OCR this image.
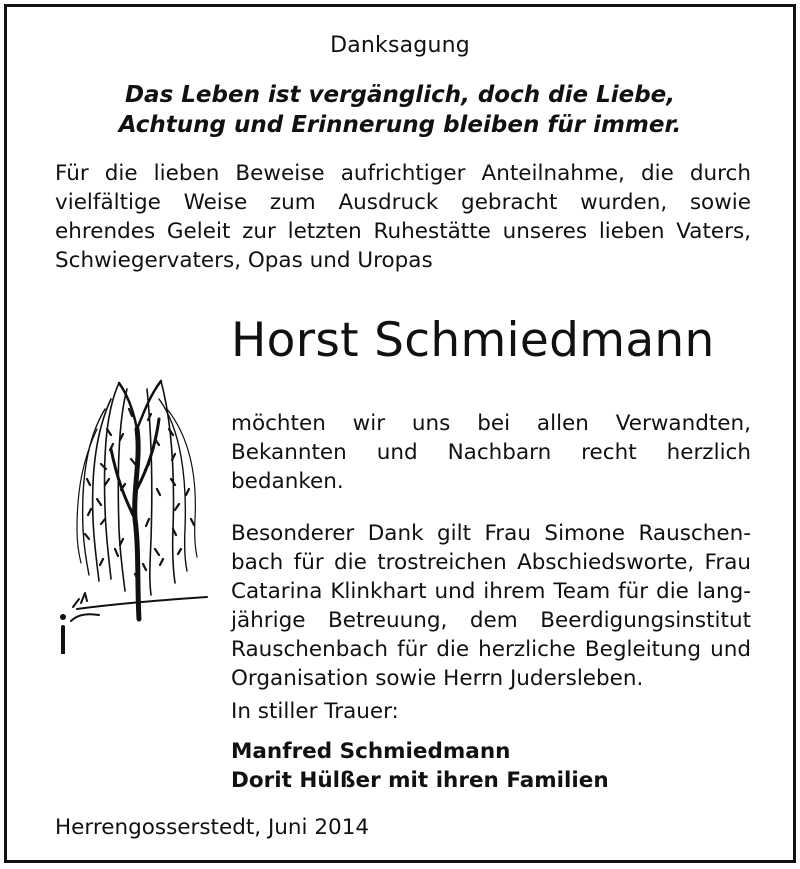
Danksagung
Das Leben ist vergänglich, doch die Liebe,
Achtung und Erinnerung bleiben für immer.
Für die lieben Beweise aufrichtiger Anteilnahme, die durch
vielfältige Weise zum Ausdruck gebracht wurden, sowie
ehrendes Geleit zur letzten Ruhestätte unseres lieben Vaters,
Schwiegervaters, Opas und Uropas
Horst Schmiedmann
möchten wir uns bei allen Verwandten,
Bekannten und Nachbarn recht herzlich
bedanken.
Besonderer Dank gilt Frau Simone Rauschen-
bach für die trostreichen Abschiedsworte, Frau
Catarina Klinkhart und ihrem Team für die lang-
jährige Betreuung, dem Beerdigungsinstitut
Rauschenbach für die herzliche Begleitung und
Organisation sowie Herrn Judersleben.
In stiller Trauer:
Manfred Schmiedmann
Dorit Hülßer mit ihren Familien
Herrengosserstedt, Juni 2014
